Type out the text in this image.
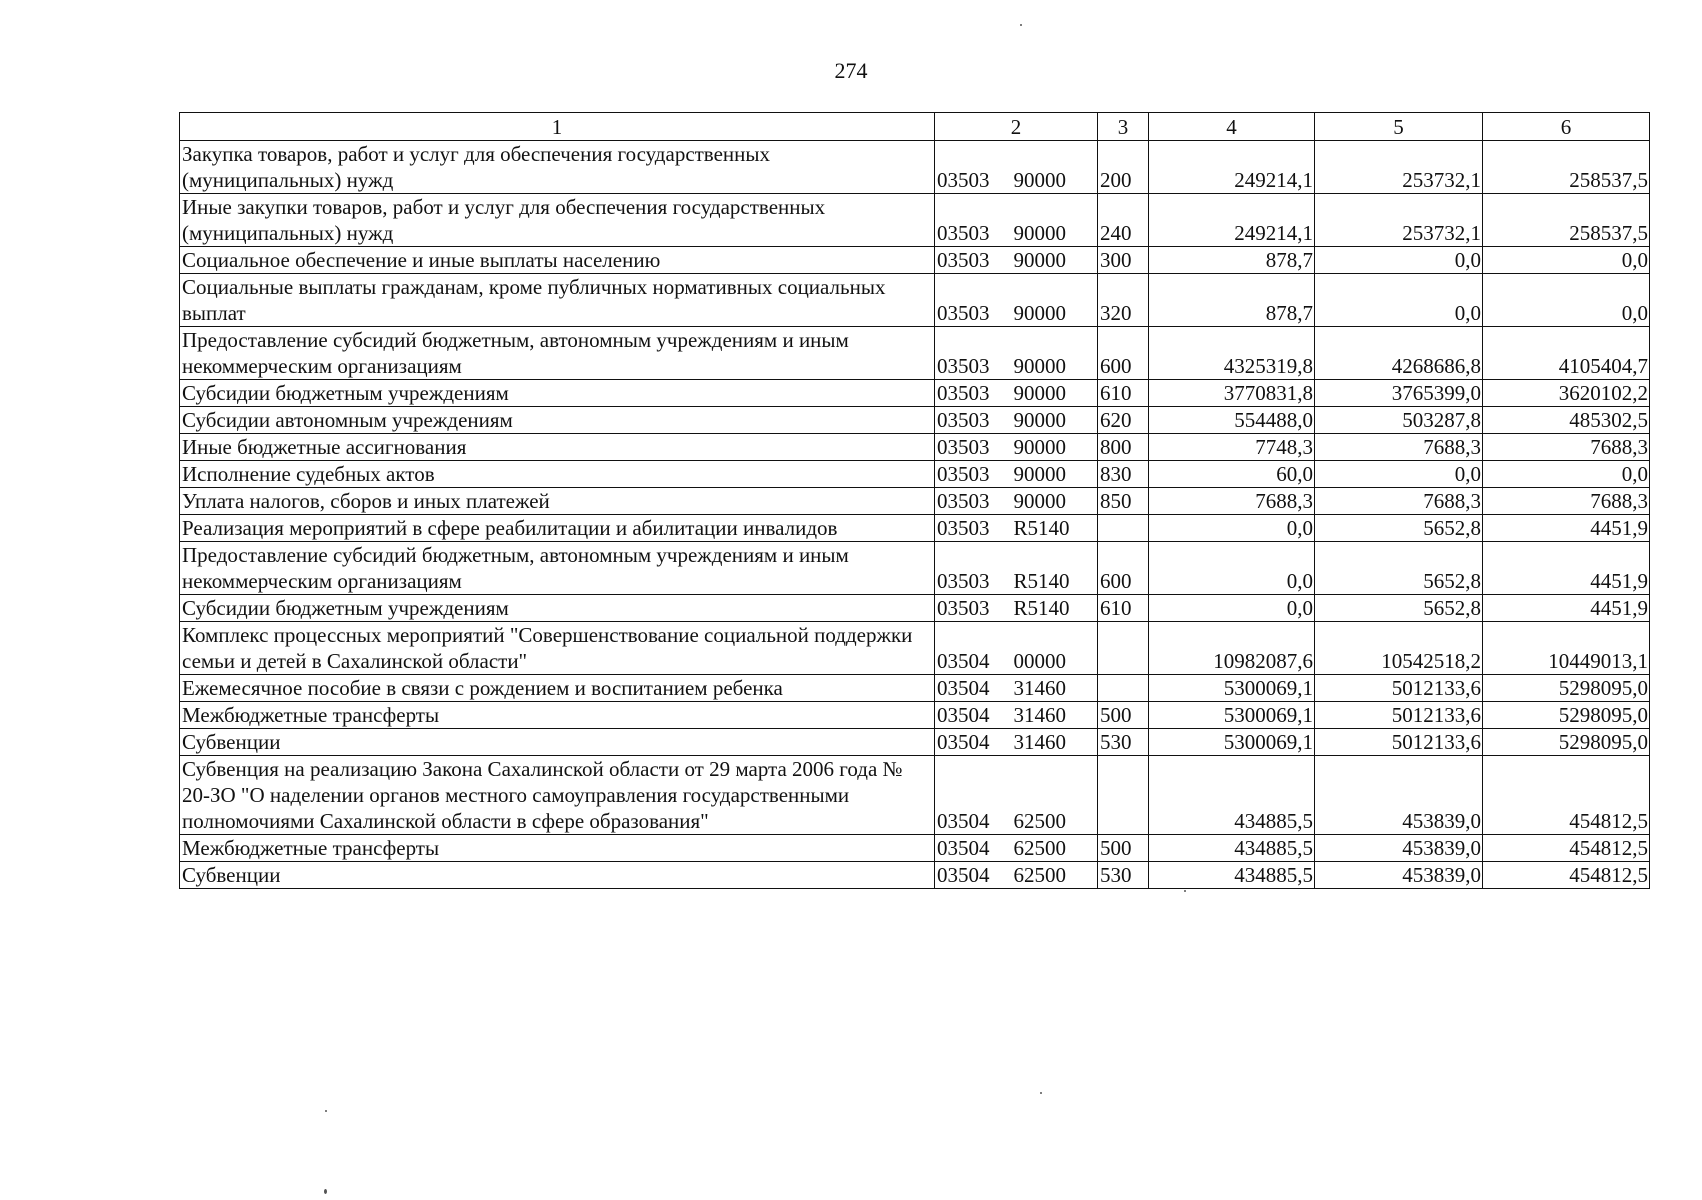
274
1	2	3	4	5	6
Закупка товаров, работ и услуг для обеспечения государственных (муниципальных) нужд	03503 90000	200	249214,1	253732,1	258537,5
Иные закупки товаров, работ и услуг для обеспечения государственных (муниципальных) нужд	03503 90000	240	249214,1	253732,1	258537,5
Социальное обеспечение и иные выплаты населению	03503 90000	300	878,7	0,0	0,0
Социальные выплаты гражданам, кроме публичных нормативных социальных выплат	03503 90000	320	878,7	0,0	0,0
Предоставление субсидий бюджетным, автономным учреждениям и иным некоммерческим организациям	03503 90000	600	4325319,8	4268686,8	4105404,7
Субсидии бюджетным учреждениям	03503 90000	610	3770831,8	3765399,0	3620102,2
Субсидии автономным учреждениям	03503 90000	620	554488,0	503287,8	485302,5
Иные бюджетные ассигнования	03503 90000	800	7748,3	7688,3	7688,3
Исполнение судебных актов	03503 90000	830	60,0	0,0	0,0
Уплата налогов, сборов и иных платежей	03503 90000	850	7688,3	7688,3	7688,3
Реализация мероприятий в сфере реабилитации и абилитации инвалидов	03503 R5140		0,0	5652,8	4451,9
Предоставление субсидий бюджетным, автономным учреждениям и иным некоммерческим организациям	03503 R5140	600	0,0	5652,8	4451,9
Субсидии бюджетным учреждениям	03503 R5140	610	0,0	5652,8	4451,9
Комплекс процессных мероприятий "Совершенствование социальной поддержки семьи и детей в Сахалинской области"	03504 00000		10982087,6	10542518,2	10449013,1
Ежемесячное пособие в связи с рождением и воспитанием ребенка	03504 31460		5300069,1	5012133,6	5298095,0
Межбюджетные трансферты	03504 31460	500	5300069,1	5012133,6	5298095,0
Субвенции	03504 31460	530	5300069,1	5012133,6	5298095,0
Субвенция на реализацию Закона Сахалинской области от 29 марта 2006 года № 20-ЗО "О наделении органов местного самоуправления государственными полномочиями Сахалинской области в сфере образования"	03504 62500		434885,5	453839,0	454812,5
Межбюджетные трансферты	03504 62500	500	434885,5	453839,0	454812,5
Субвенции	03504 62500	530	434885,5	453839,0	454812,5
